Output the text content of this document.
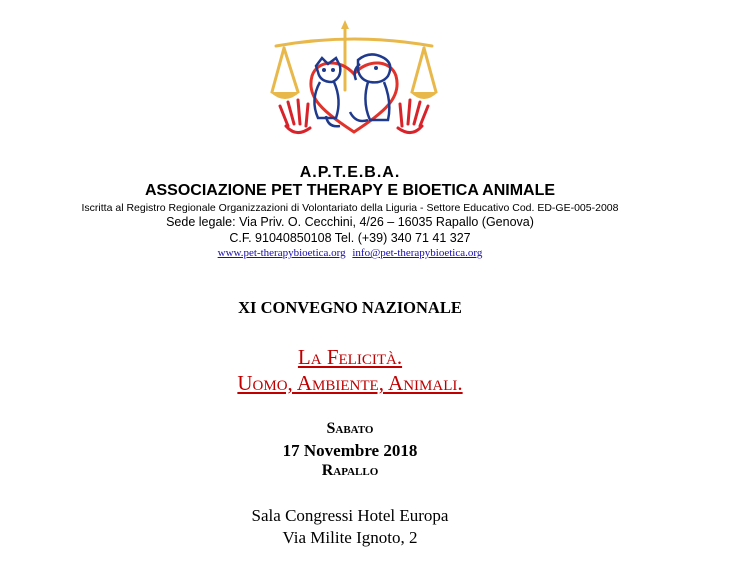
A.P.T.E.B.A.
ASSOCIAZIONE PET THERAPY E BIOETICA ANIMALE
Iscritta al Registro Regionale Organizzazioni di Volontariato della Liguria - Settore Educativo Cod. ED-GE-005-2008
Sede legale: Via Priv. O. Cecchini, 4/26 – 16035 Rapallo (Genova)
C.F. 91040850108 Tel. (+39) 340 71 41 327
www.pet-therapybioetica.org info@pet-therapybioetica.org
XI CONVEGNO NAZIONALE
La Felicità.
Uomo, Ambiente, Animali.
Sabato
17 Novembre 2018
Rapallo
Sala Congressi Hotel Europa
Via Milite Ignoto, 2
